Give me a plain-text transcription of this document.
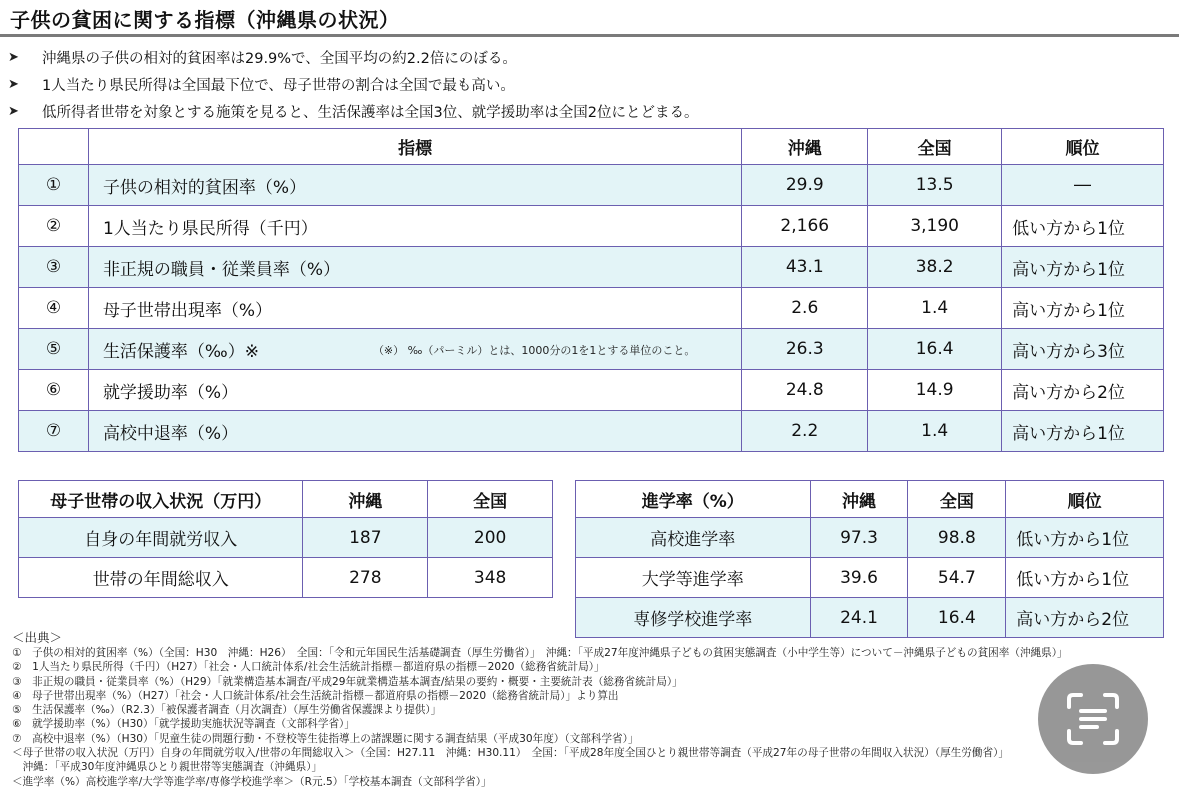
子供の貧困に関する指標（沖縄県の状況）
➤	沖縄県の子供の相対的貧困率は29.9%で、全国平均の約2.2倍にのぼる。
➤	1人当たり県民所得は全国最下位で、母子世帯の割合は全国で最も高い。
➤	低所得者世帯を対象とする施策を見ると、生活保護率は全国3位、就学援助率は全国2位にとどまる。
	指標	沖縄	全国	順位
①	子供の相対的貧困率（%）	29.9	13.5	―
②	1人当たり県民所得（千円）	2,166	3,190	低い方から1位
③	非正規の職員・従業員率（%）	43.1	38.2	高い方から1位
④	母子世帯出現率（%）	2.6	1.4	高い方から1位
⑤	生活保護率（‰）※ （※） ‰（パーミル）とは、1000分の1を1とする単位のこと。	26.3	16.4	高い方から3位
⑥	就学援助率（%）	24.8	14.9	高い方から2位
⑦	高校中退率（%）	2.2	1.4	高い方から1位
母子世帯の収入状況（万円）	沖縄	全国
自身の年間就労収入	187	200
世帯の年間総収入	278	348
進学率（%）	沖縄	全国	順位
高校進学率	97.3	98.8	低い方から1位
大学等進学率	39.6	54.7	低い方から1位
専修学校進学率	24.1	16.4	高い方から2位
＜出典＞
①　子供の相対的貧困率（%）（全国：H30　沖縄：H26）　全国：「令和元年国民生活基礎調査（厚生労働省）」　沖縄：「平成27年度沖縄県子どもの貧困実態調査（小中学生等）について－沖縄県子どもの貧困率（沖縄県）」
②　1人当たり県民所得（千円）（H27）「社会・人口統計体系/社会生活統計指標－都道府県の指標－2020（総務省統計局）」
③　非正規の職員・従業員率（%）（H29）「就業構造基本調査/平成29年就業構造基本調査/結果の要約・概要・主要統計表（総務省統計局）」
④　母子世帯出現率（%）（H27）「社会・人口統計体系/社会生活統計指標－都道府県の指標－2020（総務省統計局）」より算出
⑤　生活保護率（‰）（R2.3）「被保護者調査（月次調査）（厚生労働省保護課より提供）」
⑥　就学援助率（%）（H30）「就学援助実施状況等調査（文部科学省）」
⑦　高校中退率（%）（H30）「児童生徒の問題行動・不登校等生徒指導上の諸課題に関する調査結果（平成30年度）（文部科学省）」
＜母子世帯の収入状況（万円）自身の年間就労収入/世帯の年間総収入＞（全国：H27.11　沖縄：H30.11）　全国：「平成28年度全国ひとり親世帯等調査（平成27年の母子世帯の年間収入状況）（厚生労働省）」
　沖縄：「平成30年度沖縄県ひとり親世帯等実態調査（沖縄県）」
＜進学率（%）高校進学率/大学等進学率/専修学校進学率＞（R元.5）「学校基本調査（文部科学省）」
